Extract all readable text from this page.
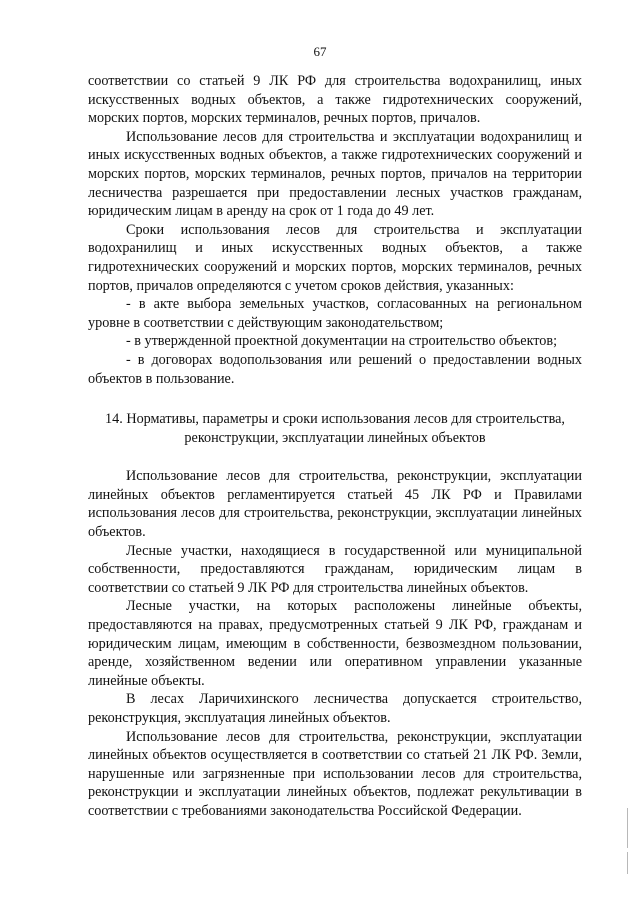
67

соответствии со статьей 9 ЛК РФ для строительства водохранилищ, иных искусственных водных объектов, а также гидротехнических сооружений, морских портов, морских терминалов, речных портов, причалов.

Использование лесов для строительства и эксплуатации водохранилищ и иных искусственных водных объектов, а также гидротехнических сооружений и морских портов, морских терминалов, речных портов, причалов на территории лесничества разрешается при предоставлении лесных участков гражданам, юридическим лицам в аренду на срок от 1 года до 49 лет.

Сроки использования лесов для строительства и эксплуатации водохранилищ и иных искусственных водных объектов, а также гидротехнических сооружений и морских портов, морских терминалов, речных портов, причалов определяются с учетом сроков действия, указанных:

- в акте выбора земельных участков, согласованных на региональном уровне в соответствии с действующим законодательством;

- в утвержденной проектной документации на строительство объектов;

- в договорах водопользования или решений о предоставлении водных объектов в пользование.

14. Нормативы, параметры и сроки использования лесов для строительства,
реконструкции, эксплуатации линейных объектов

Использование лесов для строительства, реконструкции, эксплуатации линейных объектов регламентируется статьей 45 ЛК РФ и Правилами использования лесов для строительства, реконструкции, эксплуатации линейных объектов.

Лесные участки, находящиеся в государственной или муниципальной собственности, предоставляются гражданам, юридическим лицам в соответствии со статьей 9 ЛК РФ для строительства линейных объектов.

Лесные участки, на которых расположены линейные объекты, предоставляются на правах, предусмотренных статьей 9 ЛК РФ, гражданам и юридическим лицам, имеющим в собственности, безвозмездном пользовании, аренде, хозяйственном ведении или оперативном управлении указанные линейные объекты.

В лесах Ларичихинского лесничества допускается строительство, реконструкция, эксплуатация линейных объектов.

Использование лесов для строительства, реконструкции, эксплуатации линейных объектов осуществляется в соответствии со статьей 21 ЛК РФ. Земли, нарушенные или загрязненные при использовании лесов для строительства, реконструкции и эксплуатации линейных объектов, подлежат рекультивации в соответствии с требованиями законодательства Российской Федерации.
